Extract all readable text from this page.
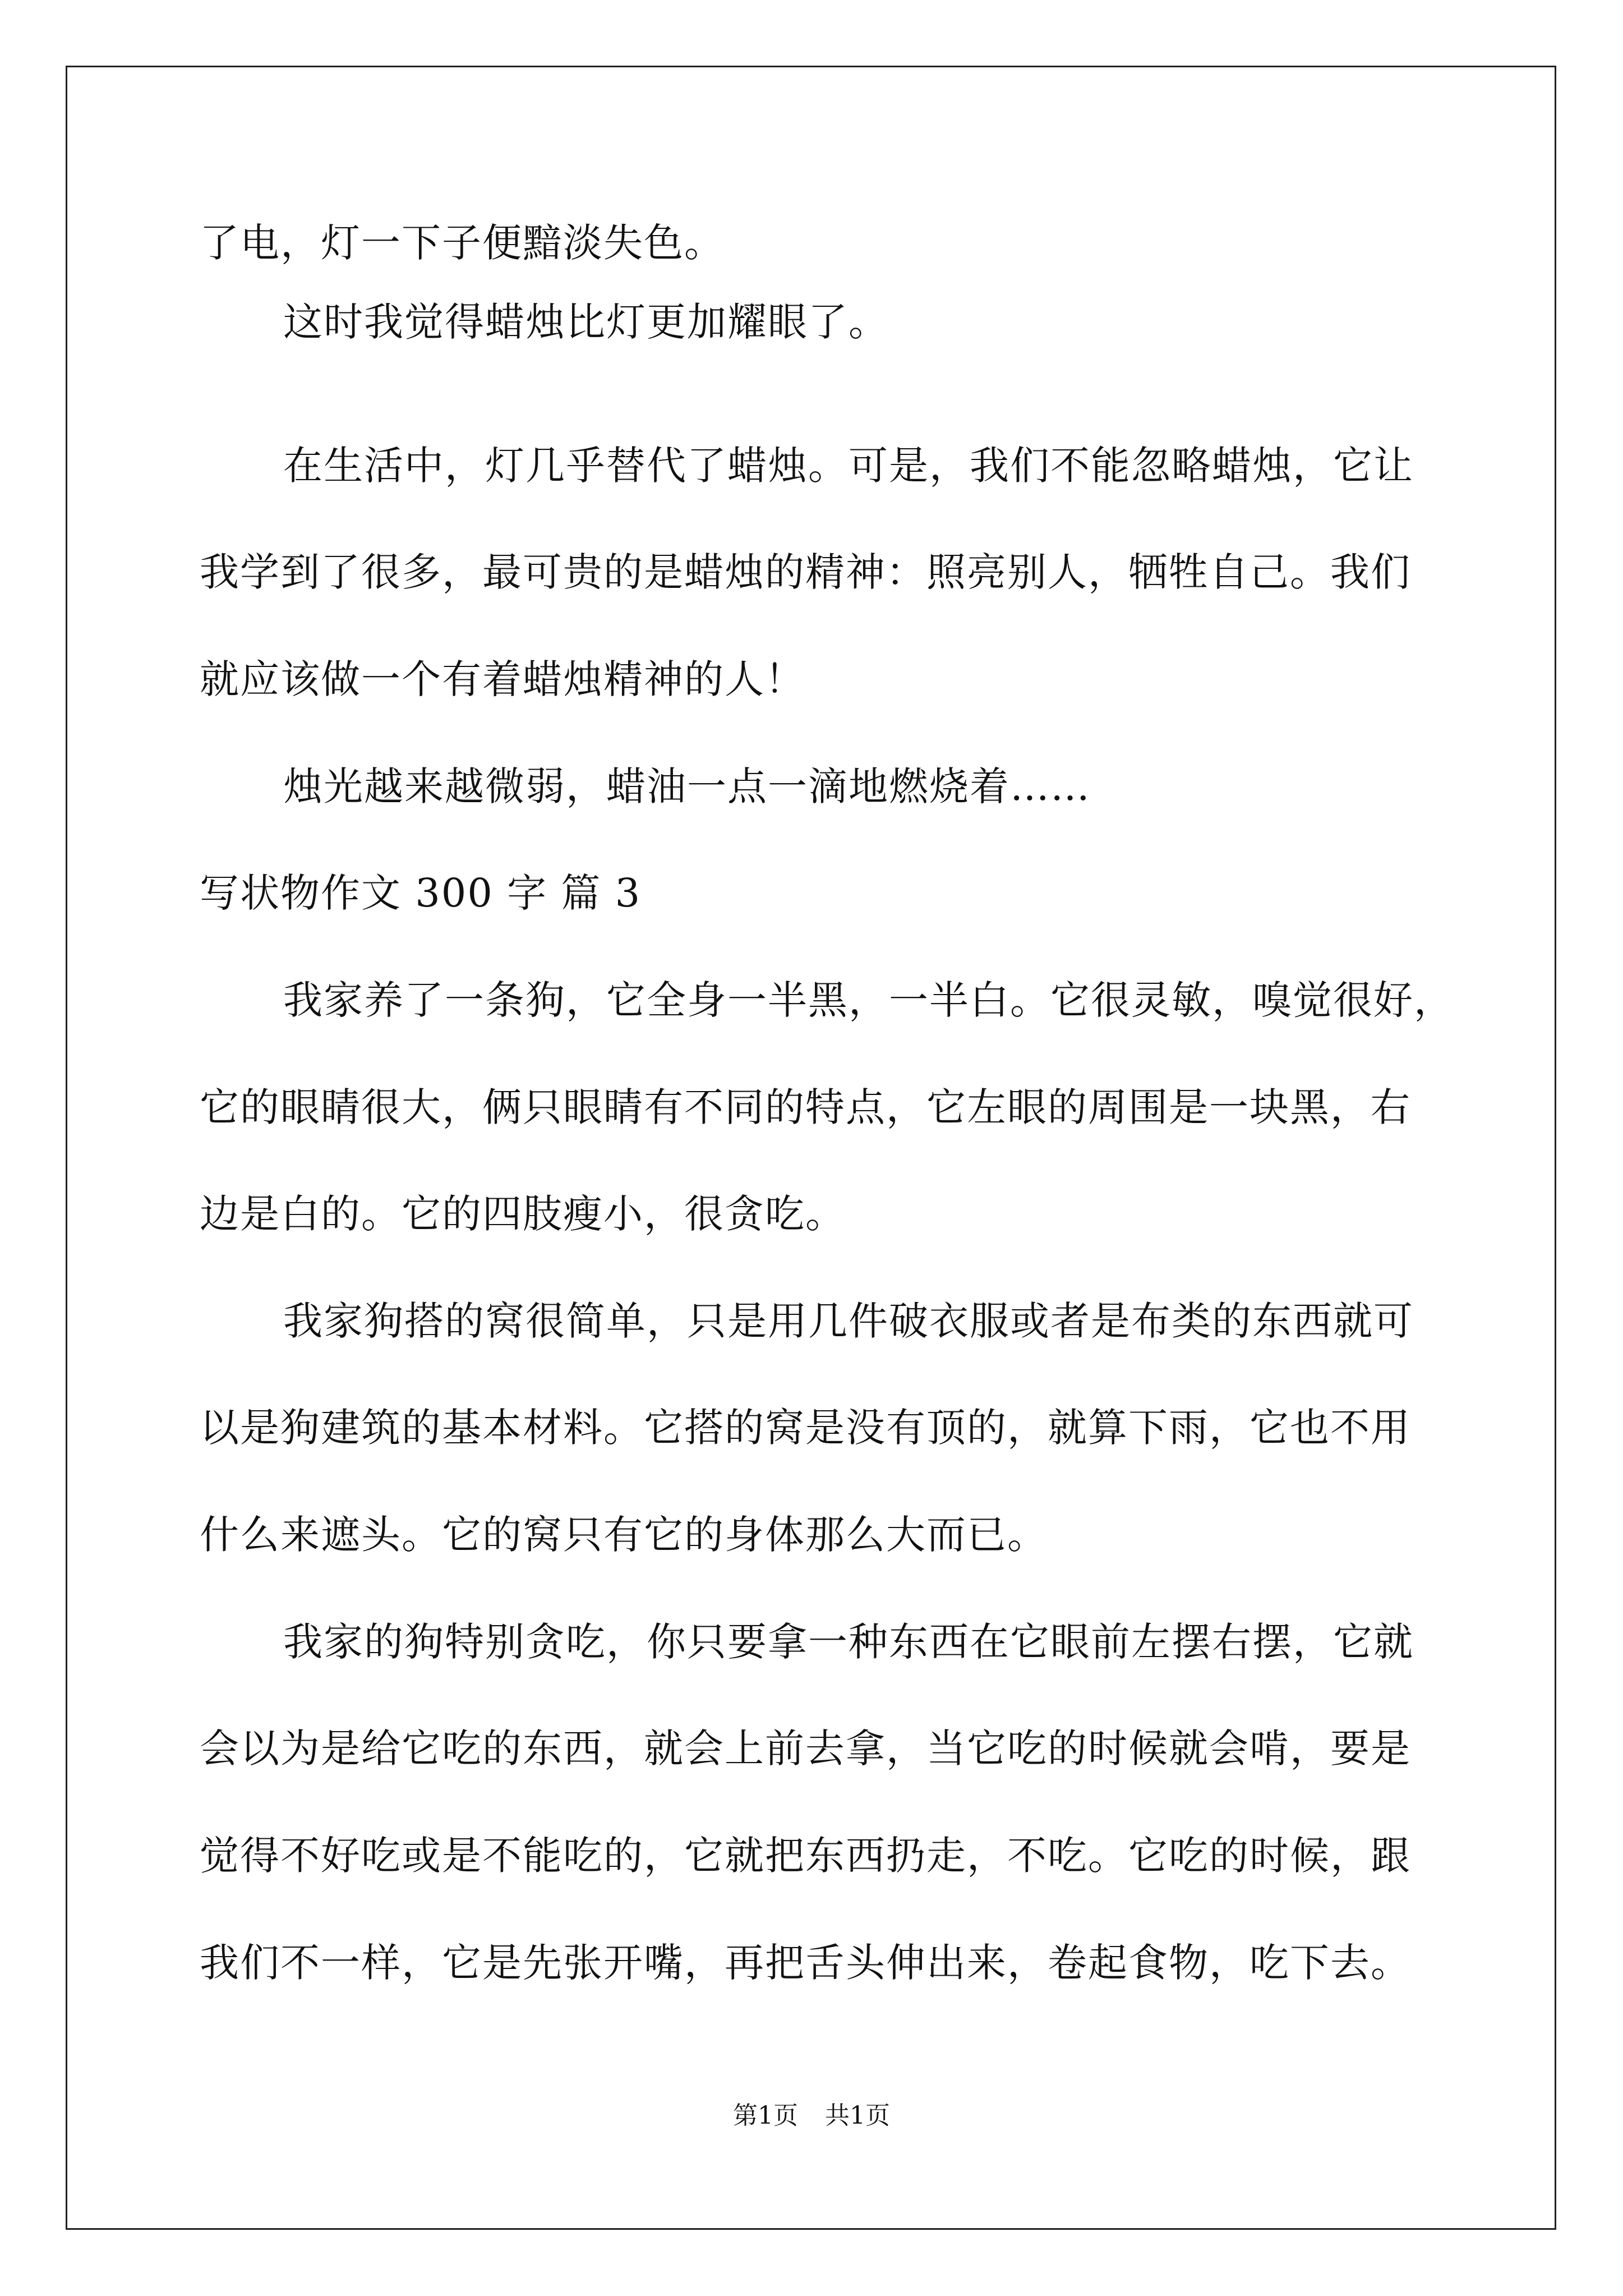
了电，灯一下子便黯淡失色。
这时我觉得蜡烛比灯更加耀眼了。
在生活中，灯几乎替代了蜡烛。可是，我们不能忽略蜡烛，它让
我学到了很多，最可贵的是蜡烛的精神：照亮别人，牺牲自己。我们
就应该做一个有着蜡烛精神的人！
烛光越来越微弱，蜡油一点一滴地燃烧着……
写状物作文 300 字 篇 3
我家养了一条狗，它全身一半黑，一半白。它很灵敏，嗅觉很好，
它的眼睛很大，俩只眼睛有不同的特点，它左眼的周围是一块黑，右
边是白的。它的四肢瘦小，很贪吃。
我家狗搭的窝很简单，只是用几件破衣服或者是布类的东西就可
以是狗建筑的基本材料。它搭的窝是没有顶的，就算下雨，它也不用
什么来遮头。它的窝只有它的身体那么大而已。
我家的狗特别贪吃，你只要拿一种东西在它眼前左摆右摆，它就
会以为是给它吃的东西，就会上前去拿，当它吃的时候就会啃，要是
觉得不好吃或是不能吃的，它就把东西扔走，不吃。它吃的时候，跟
我们不一样，它是先张开嘴，再把舌头伸出来，卷起食物，吃下去。
第1页 共1页
